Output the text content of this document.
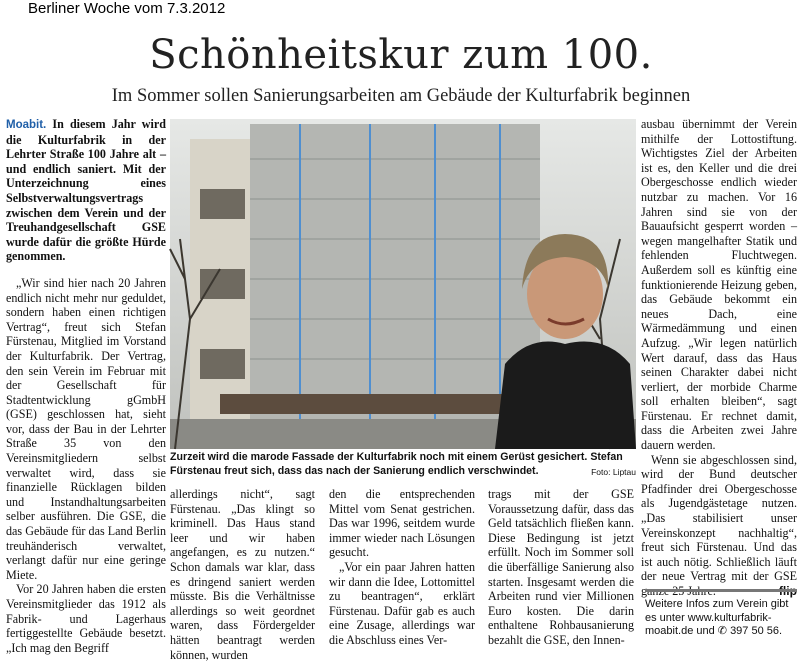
Berliner Woche vom 7.3.2012
Schönheitskur zum 100.
Im Sommer sollen Sanierungsarbeiten am Gebäude der Kulturfabrik beginnen

Moabit. In diesem Jahr wird die Kulturfabrik in der Lehrter Straße 100 Jahre alt – und endlich saniert. Mit der Unterzeichnung eines Selbstverwaltungsvertrags zwischen dem Verein und der Treuhandgesellschaft GSE wurde dafür die größte Hürde genommen.

„Wir sind hier nach 20 Jahren endlich nicht mehr nur geduldet, sondern haben einen richtigen Vertrag“, freut sich Stefan Fürstenau, Mitglied im Vorstand der Kulturfabrik. Der Vertrag, den sein Verein im Februar mit der Gesellschaft für Stadtentwicklung gGmbH (GSE) geschlossen hat, sieht vor, dass der Bau in der Lehrter Straße 35 von den Vereinsmitgliedern selbst verwaltet wird, dass sie finanzielle Rücklagen bilden und Instandhaltungsarbeiten selber ausführen. Die GSE, die das Gebäude für das Land Berlin treuhänderisch verwaltet, verlangt dafür nur eine geringe Miete.

Vor 20 Jahren haben die ersten Vereinsmitglieder das 1912 als Fabrik- und Lagerhaus fertiggestellte Gebäude besetzt. „Ich mag den Begriff

Zurzeit wird die marode Fassade der Kulturfabrik noch mit einem Gerüst gesichert. Stefan Fürstenau freut sich, dass das nach der Sanierung endlich verschwindet.	Foto: Liptau

allerdings nicht“, sagt Fürstenau. „Das klingt so kriminell. Das Haus stand leer und wir haben angefangen, es zu nutzen.“ Schon damals war klar, dass es dringend saniert werden müsste. Bis die Verhältnisse allerdings so weit geordnet waren, dass Fördergelder hätten beantragt werden können, wurden

den die entsprechenden Mittel vom Senat gestrichen. Das war 1996, seitdem wurde immer wieder nach Lösungen gesucht.

„Vor ein paar Jahren hatten wir dann die Idee, Lottomittel zu beantragen“, erklärt Fürstenau. Dafür gab es auch eine Zusage, allerdings war die Abschluss eines Ver-

trags mit der GSE Voraussetzung dafür, dass das Geld tatsächlich fließen kann. Diese Bedingung ist jetzt erfüllt. Noch im Sommer soll die überfällige Sanierung also starten. Insgesamt werden die Arbeiten rund vier Millionen Euro kosten. Die darin enthaltene Rohbausanierung bezahlt die GSE, den Innen-

ausbau übernimmt der Verein mithilfe der Lottostiftung. Wichtigstes Ziel der Arbeiten ist es, den Keller und die drei Obergeschosse endlich wieder nutzbar zu machen. Vor 16 Jahren sind sie von der Bauaufsicht gesperrt worden – wegen mangelhafter Statik und fehlenden Fluchtwegen. Außerdem soll es künftig eine funktionierende Heizung geben, das Gebäude bekommt ein neues Dach, eine Wärmedämmung und einen Aufzug. „Wir legen natürlich Wert darauf, dass das Haus seinen Charakter dabei nicht verliert, der morbide Charme soll erhalten bleiben“, sagt Fürstenau. Er rechnet damit, dass die Arbeiten zwei Jahre dauern werden.

Wenn sie abgeschlossen sind, wird der Bund deutscher Pfadfinder drei Obergeschosse als Jugendgästetage nutzen. „Das stabilisiert unser Vereinskonzept nachhaltig“, freut sich Fürstenau. Und das ist auch nötig. Schließlich läuft der neue Vertrag mit der GSE ganze 25 Jahre.	flip

Weitere Infos zum Verein gibt es unter www.kulturfabrik-moabit.de und ✆ 397 50 56.
